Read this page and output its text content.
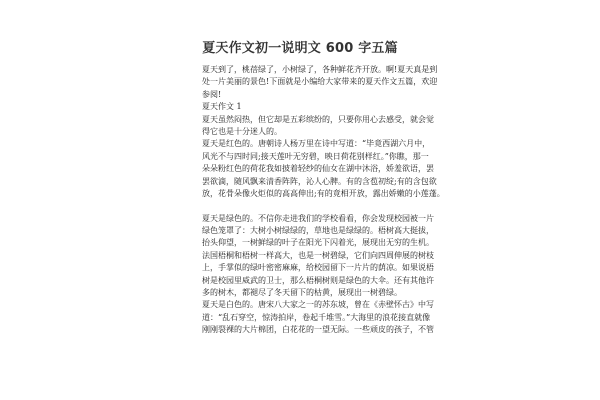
夏天作文初一说明文 600 字五篇
夏天到了，桃蓓绿了，小树绿了，各种鲜花齐开放。啊!夏天真是到
处一片美丽的景色!下面就是小编给大家带来的夏天作文五篇，欢迎
参阅!
夏天作文 1
夏天虽然闷热，但它却是五彩缤纷的，只要你用心去感受，就会觉
得它也是十分迷人的。
夏天是红色的。唐朝诗人杨万里在诗中写道：“毕竟西湖六月中，
风光不与四时同;接天莲叶无穷碧，映日荷花别样红。”你瞧，那一
朵朵粉红色的荷花我如披着轻纱的仙女在湖中沐浴，娇羞欲语，罢
罢欲滴，随风飘来清香阵阵，沁人心脾。有的含苞初绽;有的含包欲
放，花骨朵像火炬似的高高伸出;有的竟相开放，露出娇嫩的小莲蓬。
夏天是绿色的。不信你走进我们的学校看看，你会发现校园被一片
绿色笼罩了：大树小树绿绿的，草地也是绿绿的。梧树高大挺拔，
抬头仰望，一树鲜绿的叶子在阳光下闪着光，展现出无穷的生机。
法国梧桐和梧树一样高大，也是一树碧绿，它们向四周伸展的树枝
上，手掌似的绿叶密密麻麻，给校园留下一片片的荫凉。如果说梧
树是校园里威武的卫士，那么梧桐树则是绿色的大伞。还有其他许
多的树木，都褪尽了冬天留下的枯黄，展现出一树碧绿。
夏天是白色的。唐宋八大家之一的苏东坡，曾在《赤壁怀古》中写
道：“乱石穿空，惊涛拍岸，卷起千堆雪。”大海里的浪花接直就像
刚刚裂裸的大片棉团，白花花的一望无际。一些顽皮的孩子，不管
